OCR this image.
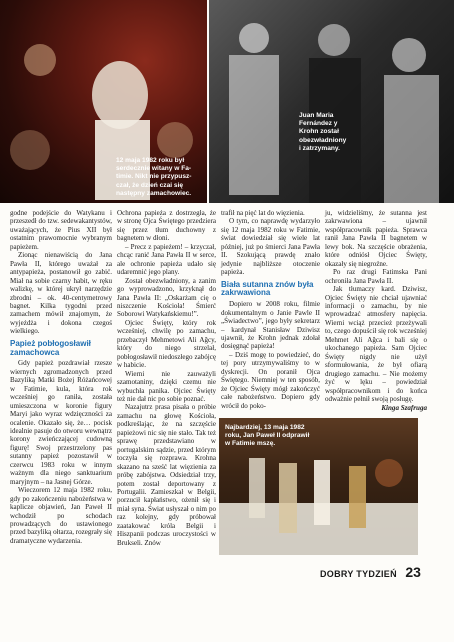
12 maja 1982 roku był
serdecznie witany w Fa-
timie. Nikt nie przypusz-
czał, że dzień czai się
następny zamachowiec.
Juan Maria
Fernández y
Krohn został
obezwładniony
i zatrzymany.

godne podejście do Watykanu i przeszedł do tzw. sedewakantystów, uważających, że Pius XII był ostatnim prawomocnie wybranym papieżem.

Zionąc nienawiścią do Jana Pawła II, którego uważał za antypapieża, postanowił go zabić. Miał na sobie czarny habit, w ręku walizkę, w której ukrył narzędzie zbrodni – ok. 40-centymetrowy bagnet. Kilka tygodni przed zamachem mówił znajomym, że wyjeżdża i dokona czegoś wielkiego.

Papież pobłogosławił zamachowca

Gdy papież pozdrawiał rzesze wiernych zgromadzonych przed Bazyliką Matki Bożej Różańcowej w Fatimie, kula, która rok wcześniej go raniła, została umieszczona w koronie figury Maryi jako wyraz wdzięczności za ocalenie. Okazało się, że… pocisk idealnie pasuje do otworu wewnątrz korony zwieńczającej cudowną figurę! Swoj przestrzelony pas sutanny papież pozostawił w czerwcu 1983 roku w innym ważnym dla niego sanktuarium maryjnym – na Jasnej Górze.

Wieczorem 12 maja 1982 roku, gdy po zakończeniu nabożeństwa w kaplicze objawień, Jan Paweł II wchodził po schodach prowadzących do ustawionego przed bazyliką ołtarza, rozegrały się dramatyczne wydarzenia.

Ochrona papieża z dostrzegła, że w stronę Ojca Świętego przedziera się przez tłum duchowny z bagnetem w dłoni.

– Precz z papieżem! – krzyczał, chcąc ranić Jana Pawła II w serce, ale ochronie papieża udało się udaremnić jego plany.

Został obezwładniony, a zanim go wyprowadzono, krzyknął do Jana Pawła II: „Oskarżam cię o niszczenie Kościoła! Śmierć Soborowi Watykańskiemu!”.

Ojciec Święty, który rok wcześniej, chwilę po zamachu, przebaczył Mehmetowi Ali Ağcy, który do niego strzelał, pobłogosławił niedoszłego zabójcę w habicie.

Wierni nie zauważyli szamotaniny, dzięki czemu nie wybuchła panika. Ojciec Święty też nie dał nic po sobie poznać.

Nazajutrz prasa pisała o próbie zamachu na głowę Kościoła, podkreślając, że na szczęście papieżowi nic się nie stało. Tak też sprawę przedstawiano w portugalskim sądzie, przed którym toczyła się rozprawa. Krohna skazano na sześć lat więzienia za próbę zabójstwa. Odsiedział trzy, potem został deportowany z Portugalii. Zamieszkał w Belgii, porzucił kapłaństwo, ożenił się i miał syna. Świat usłyszał o nim po raz kolejny, gdy próbował zaatakować króla Belgii i Hiszpanii podczas uroczystości w Brukseli. Znów

trafił na pięć lat do więzienia.

O tym, co naprawdę wydarzyło się 12 maja 1982 roku w Fatimie, świat dowiedział się wiele lat później, już po śmierci Jana Pawła II. Szokującą prawdę znało jedynie najbliższe otoczenie papieża.

Biała sutanna znów była zakrwawiona

Dopiero w 2008 roku, filmie dokumentalnym o Janie Pawle II „Świadectwo”, jego były sekretarz – kardynał Stanisław Dziwisz ujawnił, że Krohn jednak zdołał dosięgnąć papieża!

– Dziś mogę to powiedzieć, do tej pory utrzymywaliśmy to w dyskrecji. On poranił Ojca Świętego. Niemniej w ten sposób, że Ojciec Święty mógł zakończyć całe nabożeństwo. Dopiero gdy wrócił do poko-

ju, widzieliśmy, że sutanna jest zakrwawiona – ujawnił współpracownik papieża. Sprawca ranił Jana Pawła II bagnetem w lewy bok. Na szczęście obrażenia, które odniósł Ojciec Święty, okazały się niegroźne.

Po raz drugi Fatimska Pani ochroniła Jana Pawła II.

Jak tłumaczy kard. Dziwisz, Ojciec Święty nie chciał ujawniać informacji o zamachu, by nie wprowadzać atmosfery napięcia. Wierni wciąż przecież przeżywali to, czego dopuścił się rok wcześniej Mehmet Ali Ağca i bali się o ukochanego papieża. Sam Ojciec Święty nigdy nie użył sformułowania, że był ofiarą drugiego zamachu. – Nie możemy żyć w lęku – powiedział współpracownikom i do końca odważnie pełnił swoją posługę.

Kinga Szafruga
Najbardziej, 13 maja 1982
roku, Jan Paweł II odprawił
w Fatimie mszę.
DOBRY TYDZIEŃ 23
